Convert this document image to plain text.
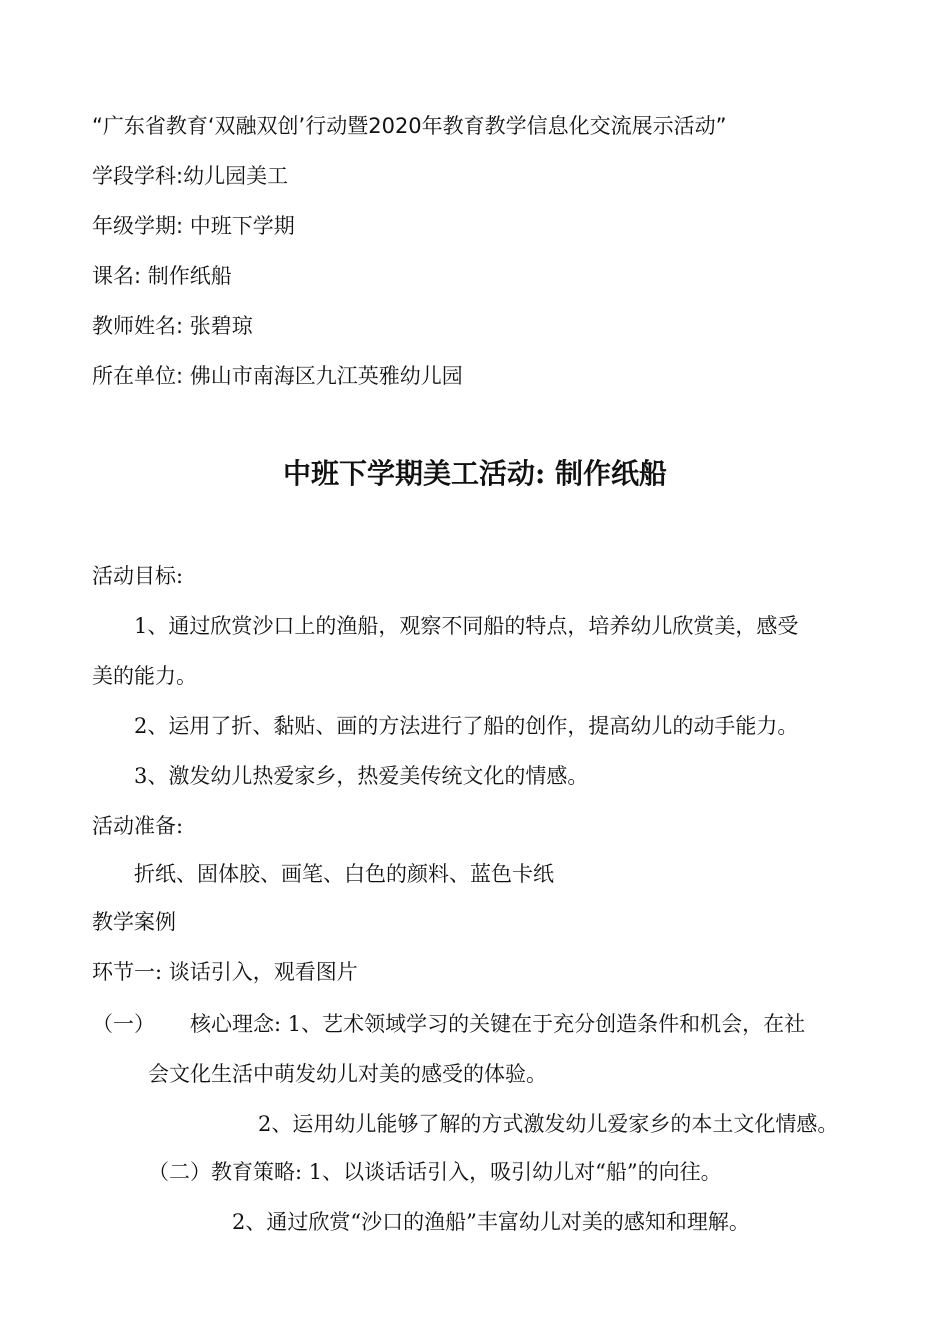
“广东省教育‘双融双创’行动暨2020年教育教学信息化交流展示活动”
学段学科:幼儿园美工
年级学期: 中班下学期
课名: 制作纸船
教师姓名: 张碧琼
所在单位: 佛山市南海区九江英雅幼儿园
中班下学期美工活动: 制作纸船
活动目标:
1、通过欣赏沙口上的渔船，观察不同船的特点，培养幼儿欣赏美，感受
美的能力。
2、运用了折、黏贴、画的方法进行了船的创作，提高幼儿的动手能力。
3、激发幼儿热爱家乡，热爱美传统文化的情感。
活动准备:
折纸、固体胶、画笔、白色的颜料、蓝色卡纸
教学案例
环节一: 谈话引入，观看图片
（一） 核心理念: 1、艺术领域学习的关键在于充分创造条件和机会，在社
会文化生活中萌发幼儿对美的感受的体验。
2、运用幼儿能够了解的方式激发幼儿爱家乡的本土文化情感。
（二）教育策略: 1、以谈话话引入，吸引幼儿对“船”的向往。
2、通过欣赏“沙口的渔船”丰富幼儿对美的感知和理解。
